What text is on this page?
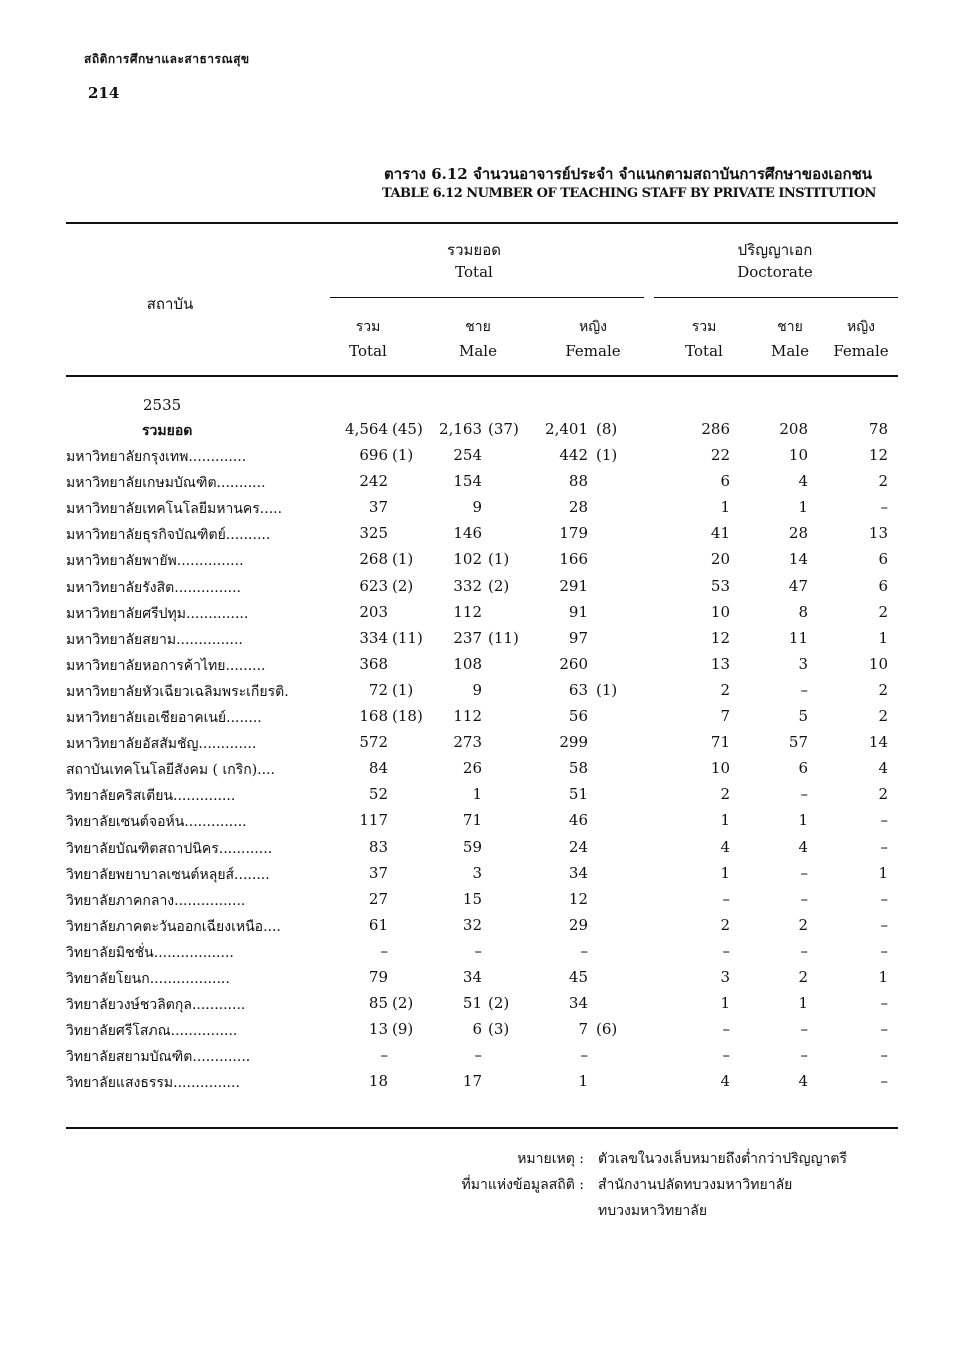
สถิติการศึกษาและสาธารณสุข
214
ตาราง 6.12 จำนวนอาจารย์ประจำ จำแนกตามสถาบันการศึกษาของเอกชน
TABLE 6.12 NUMBER OF TEACHING STAFF BY PRIVATE INSTITUTION
สถาบัน
รวมยอด
Total
ปริญญาเอก
Doctorate
รวม
Total
ชาย
Male
หญิง
Female
รวม
Total
ชาย
Male
หญิง
Female
2535
รวมยอด	4,564 (45)	2,163 (37)	2,401 (8)	286	208	78
มหาวิทยาลัยกรุงเทพ.............	696 (1)	254	442 (1)	22	10	12
มหาวิทยาลัยเกษมบัณฑิต...........	242	154	88	6	4	2
มหาวิทยาลัยเทคโนโลยีมหานคร.....	37	9	28	1	1	–
มหาวิทยาลัยธุรกิจบัณฑิตย์..........	325	146	179	41	28	13
มหาวิทยาลัยพายัพ...............	268 (1)	102 (1)	166	20	14	6
มหาวิทยาลัยรังสิต...............	623 (2)	332 (2)	291	53	47	6
มหาวิทยาลัยศรีปทุม..............	203	112	91	10	8	2
มหาวิทยาลัยสยาม...............	334 (11)	237 (11)	97	12	11	1
มหาวิทยาลัยหอการค้าไทย.........	368	108	260	13	3	10
มหาวิทยาลัยหัวเฉียวเฉลิมพระเกียรติ.	72 (1)	9	63 (1)	2	–	2
มหาวิทยาลัยเอเชียอาคเนย์........	168 (18)	112	56	7	5	2
มหาวิทยาลัยอัสสัมชัญ.............	572	273	299	71	57	14
สถาบันเทคโนโลยีสังคม ( เกริก)....	84	26	58	10	6	4
วิทยาลัยคริสเตียน..............	52	1	51	2	–	2
วิทยาลัยเซนต์จอห์น..............	117	71	46	1	1	–
วิทยาลัยบัณฑิตสถาปนิคร............	83	59	24	4	4	–
วิทยาลัยพยาบาลเซนต์หลุยส์........	37	3	34	1	–	1
วิทยาลัยภาคกลาง................	27	15	12	–	–	–
วิทยาลัยภาคตะวันออกเฉียงเหนือ....	61	32	29	2	2	–
วิทยาลัยมิชชั่น..................	–	–	–	–	–	–
วิทยาลัยโยนก..................	79	34	45	3	2	1
วิทยาลัยวงษ์ชวลิตกุล............	85 (2)	51 (2)	34	1	1	–
วิทยาลัยศรีโสภณ...............	13 (9)	6 (3)	7 (6)	–	–	–
วิทยาลัยสยามบัณฑิต.............	–	–	–	–	–	–
วิทยาลัยแสงธรรม...............	18	17	1	4	4	–
หมายเหตุ : ตัวเลขในวงเล็บหมายถึงต่ำกว่าปริญญาตรี
ที่มาแห่งข้อมูลสถิติ : สำนักงานปลัดทบวงมหาวิทยาลัย
ทบวงมหาวิทยาลัย
